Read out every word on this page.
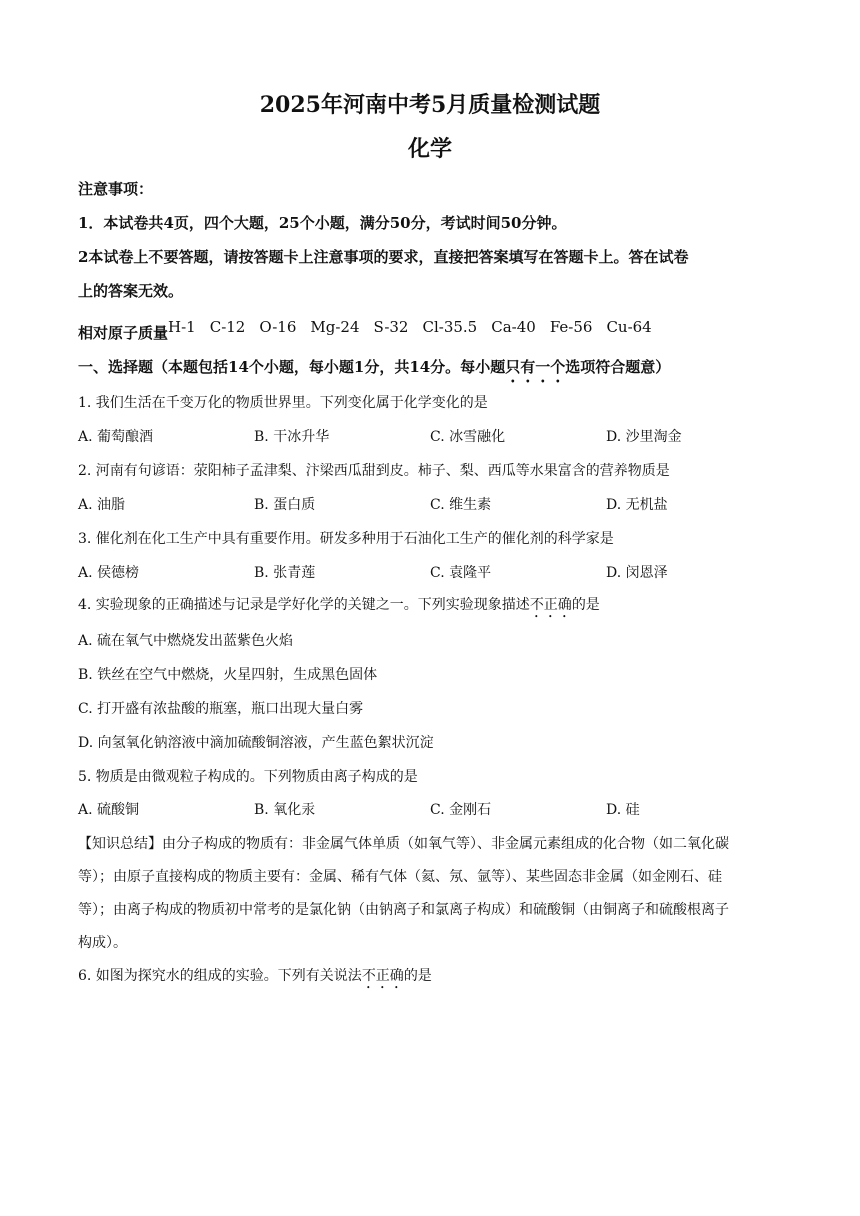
2025年河南中考5月质量检测试题
化学
注意事项：
1．本试卷共4页，四个大题，25个小题，满分50分，考试时间50分钟。
2本试卷上不要答题，请按答题卡上注意事项的要求，直接把答案填写在答题卡上。答在试卷
上的答案无效。
相对原子质量H-1 C-12 O-16 Mg-24 S-32 Cl-35.5 Ca-40 Fe-56 Cu-64
一、选择题（本题包括14个小题，每小题1分，共14分。每小题只有一个选项符合题意）
1. 我们生活在千变万化的物质世界里。下列变化属于化学变化的是
A. 葡萄酿酒	B. 干冰升华	C. 冰雪融化	D. 沙里淘金
2. 河南有句谚语：荥阳柿子孟津梨、汴梁西瓜甜到皮。柿子、梨、西瓜等水果富含的营养物质是
A. 油脂	B. 蛋白质	C. 维生素	D. 无机盐
3. 催化剂在化工生产中具有重要作用。研发多种用于石油化工生产的催化剂的科学家是
A. 侯德榜	B. 张青莲	C. 袁隆平	D. 闵恩泽
4. 实验现象的正确描述与记录是学好化学的关键之一。下列实验现象描述不正确的是
A. 硫在氧气中燃烧发出蓝紫色火焰
B. 铁丝在空气中燃烧，火星四射，生成黑色固体
C. 打开盛有浓盐酸的瓶塞，瓶口出现大量白雾
D. 向氢氧化钠溶液中滴加硫酸铜溶液，产生蓝色絮状沉淀
5. 物质是由微观粒子构成的。下列物质由离子构成的是
A. 硫酸铜	B. 氧化汞	C. 金刚石	D. 硅
【知识总结】由分子构成的物质有：非金属气体单质（如氧气等）、非金属元素组成的化合物（如二氧化碳
等）；由原子直接构成的物质主要有：金属、稀有气体（氦、氖、氩等）、某些固态非金属（如金刚石、硅
等）；由离子构成的物质初中常考的是氯化钠（由钠离子和氯离子构成）和硫酸铜（由铜离子和硫酸根离子
构成）。
6. 如图为探究水的组成的实验。下列有关说法不正确的是
